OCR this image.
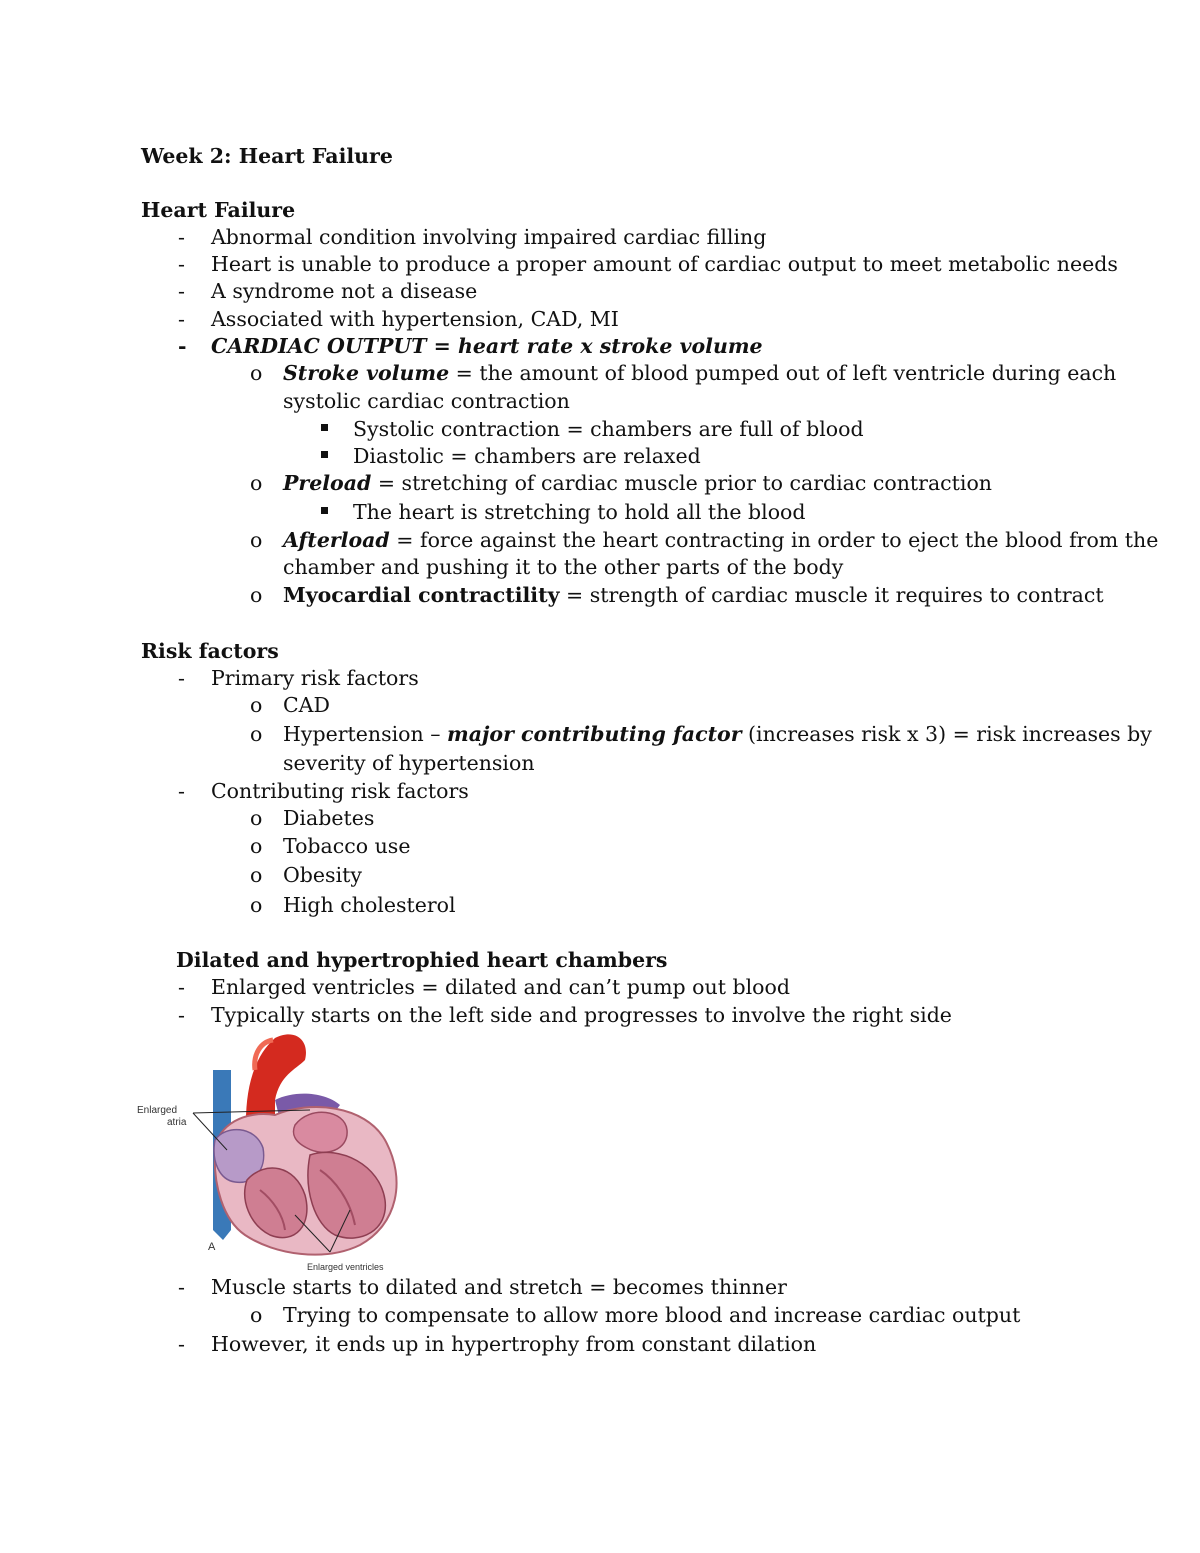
Week 2: Heart Failure
Heart Failure
- Abnormal condition involving impaired cardiac filling
- Heart is unable to produce a proper amount of cardiac output to meet metabolic needs
- A syndrome not a disease
- Associated with hypertension, CAD, MI
- CARDIAC OUTPUT = heart rate x stroke volume
o Stroke volume = the amount of blood pumped out of left ventricle during each
systolic cardiac contraction
Systolic contraction = chambers are full of blood
Diastolic = chambers are relaxed
o Preload = stretching of cardiac muscle prior to cardiac contraction
The heart is stretching to hold all the blood
o Afterload = force against the heart contracting in order to eject the blood from the
chamber and pushing it to the other parts of the body
o Myocardial contractility = strength of cardiac muscle it requires to contract
Risk factors
- Primary risk factors
o CAD
o Hypertension – major contributing factor (increases risk x 3) = risk increases by
severity of hypertension
- Contributing risk factors
o Diabetes
o Tobacco use
o Obesity
o High cholesterol
Dilated and hypertrophied heart chambers
- Enlarged ventricles = dilated and can’t pump out blood
- Typically starts on the left side and progresses to involve the right side
Enlarged
atria
A
Enlarged ventricles
- Muscle starts to dilated and stretch = becomes thinner
o Trying to compensate to allow more blood and increase cardiac output
- However, it ends up in hypertrophy from constant dilation
